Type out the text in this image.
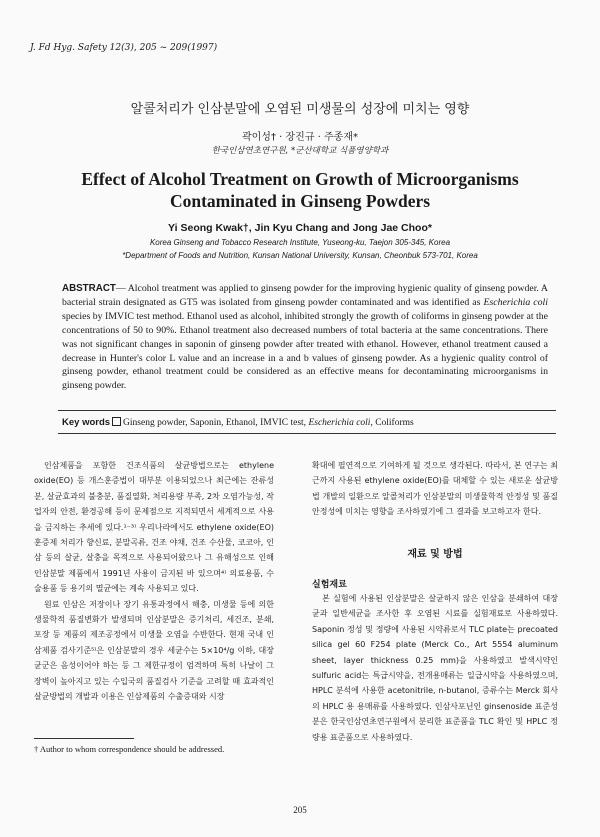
J. Fd Hyg. Safety 12(3), 205 ~ 209(1997)
알콜처리가 인삼분말에 오염된 미생물의 성장에 미치는 영향
곽이성† · 장진규 · 주종재*
한국인삼연초연구원, *군산대학교 식품영양학과
Effect of Alcohol Treatment on Growth of Microorganisms
Contaminated in Ginseng Powders
Yi Seong Kwak†, Jin Kyu Chang and Jong Jae Choo*
Korea Ginseng and Tobacco Research Institute, Yuseong-ku, Taejon 305-345, Korea
*Department of Foods and Nutrition, Kunsan National University, Kunsan, Cheonbuk 573-701, Korea
ABSTRACT— Alcohol treatment was applied to ginseng powder for the improving hygienic quality of ginseng powder. A bacterial strain designated as GT5 was isolated from ginseng powder contaminated and was identified as Escherichia coli species by IMVIC test method. Ethanol used as alcohol, inhibited strongly the growth of coliforms in ginseng powder at the concentrations of 50 to 90%. Ethanol treatment also decreased numbers of total bacteria at the same concentrations. There was not significant changes in saponin of ginseng powder after treated with ethanol. However, ethanol treatment caused a decrease in Hunter's color L value and an increase in a and b values of ginseng powder. As a hygienic quality control of ginseng powder, ethanol treatment could be considered as an effective means for decontaminating microorganisms in ginseng powder.
Key words Ginseng powder, Saponin, Ethanol, IMVIC test, Escherichia coli, Coliforms

인삼제품을 포함한 건조식품의 살균방법으로는 ethylene oxide(EO) 등 개스훈증법이 대부분 이용되었으나 최근에는 잔류성분, 살균효과의 불충분, 품질열화, 처리용량 부족, 2차 오염가능성, 작업자의 안전, 환경공해 등이 문제점으로 지적되면서 세계적으로 사용을 금지하는 추세에 있다.¹⁻³⁾ 우리나라에서도 ethylene oxide(EO) 훈증제 처리가 향신료, 분말곡류, 건조 야채, 건조 수산물, 코코아, 인삼 등의 살균, 살충을 목적으로 사용되어왔으나 그 유해성으로 인해 인삼분말 제품에서 1991년 사용이 금지된 바 있으며⁴⁾ 의료용품, 수술용품 등 용기의 멸균에는 계속 사용되고 있다.

원료 인삼은 저장이나 장기 유통과정에서 해충, 미생물 등에 의한 생물학적 품질변화가 발생되며 인삼분말은 증기처리, 세건조, 분쇄, 포장 등 제품의 제조공정에서 미생물 오염을 수반한다. 현재 국내 인삼제품 검사기준⁵⁾은 인삼분말의 경우 세균수는 5×10⁴/g 이하, 대장균군은 음성이어야 하는 등 그 제한규정이 엄격하며 특히 나날이 그 장벽이 높아지고 있는 수입국의 품질검사 기준을 고려할 때 효과적인 살균방법의 개발과 이용은 인삼제품의 수출증대와 시장

확대에 필연적으로 기여하게 될 것으로 생각된다. 따라서, 본 연구는 최근까지 사용된 ethylene oxide(EO)를 대체할 수 있는 새로운 살균방법 개발의 일환으로 알콜처리가 인삼분말의 미생물학적 안정성 및 품질안정성에 미치는 영향을 조사하였기에 그 결과를 보고하고자 한다.

재료 및 방법
실험재료

본 실험에 사용된 인삼분말은 살균하지 않은 인삼을 분쇄하여 대장균과 일반세균을 조사한 후 오염된 시료를 실험재료로 사용하였다. Saponin 정성 및 정량에 사용된 시약류로서 TLC plate는 precoated silica gel 60 F254 plate (Merck Co., Art 5554 aluminum sheet, layer thickness 0.25 mm)을 사용하였고 발색시약인 sulfuric acid는 특급시약을, 전개용매류는 일급시약을 사용하였으며, HPLC 분석에 사용한 acetonitrile, n-butanol, 증류수는 Merck 회사의 HPLC 용 용매류를 사용하였다. 인삼사포닌인 ginsenoside 표준성분은 한국인삼연초연구원에서 분리한 표준품을 TLC 확인 및 HPLC 정량용 표준품으로 사용하였다.

† Author to whom correspondence should be addressed.
205
